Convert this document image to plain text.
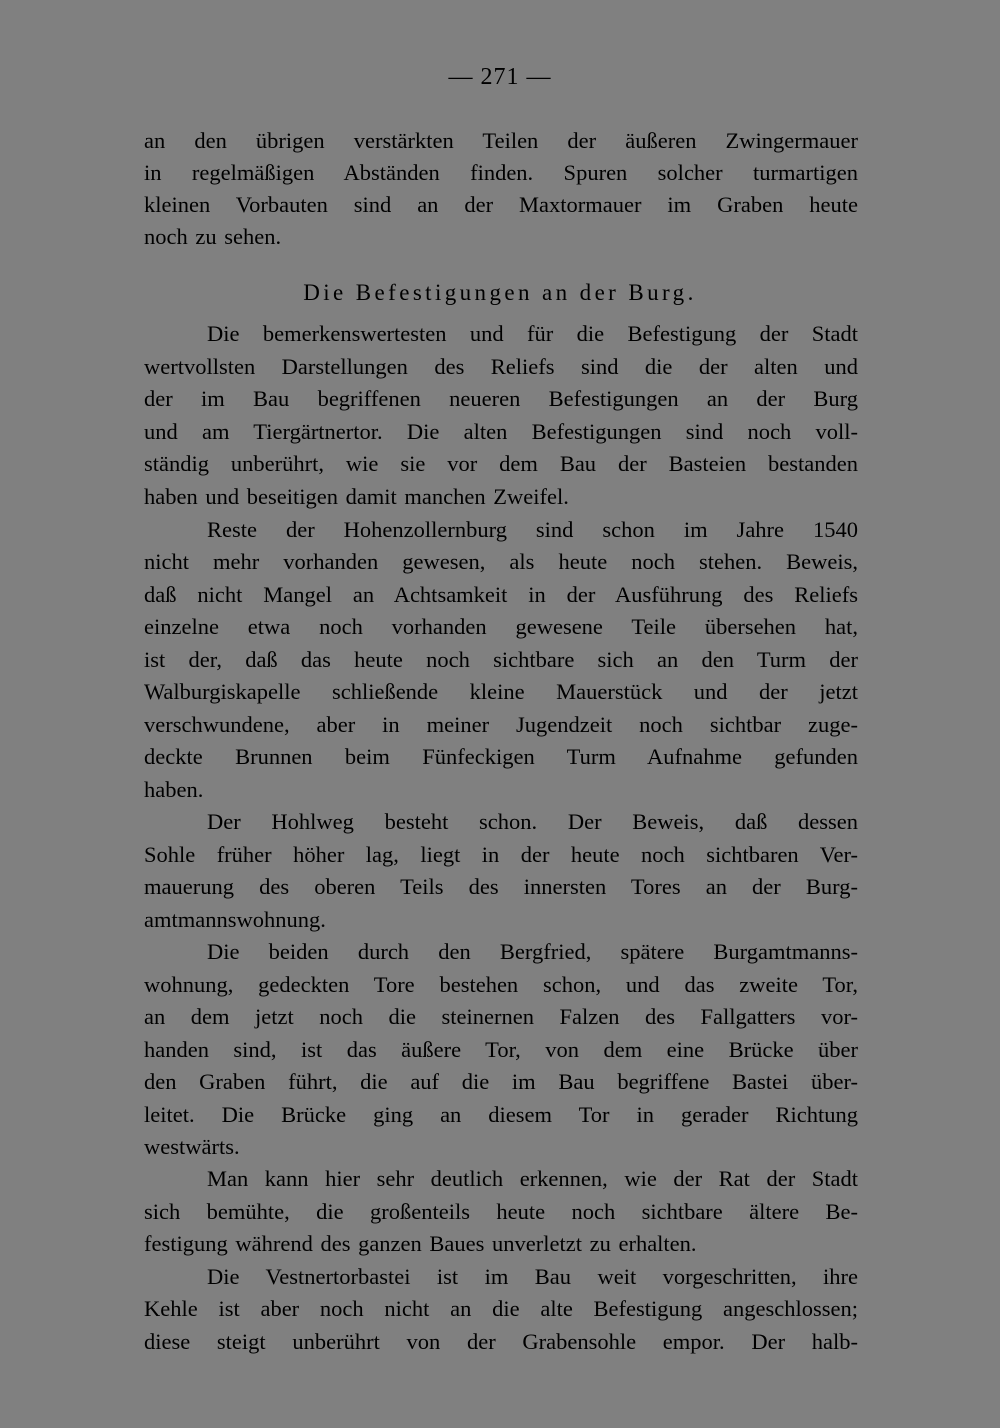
— 271 —
an den übrigen verstärkten Teilen der äußeren Zwingermauer
in regelmäßigen Abständen finden. Spuren solcher turmartigen
kleinen Vorbauten sind an der Maxtormauer im Graben heute
noch zu sehen.
Die Befestigungen an der Burg.
Die bemerkenswertesten und für die Befestigung der Stadt
wertvollsten Darstellungen des Reliefs sind die der alten und
der im Bau begriffenen neueren Befestigungen an der Burg
und am Tiergärtnertor. Die alten Befestigungen sind noch voll-
ständig unberührt, wie sie vor dem Bau der Basteien bestanden
haben und beseitigen damit manchen Zweifel.
Reste der Hohenzollernburg sind schon im Jahre 1540
nicht mehr vorhanden gewesen, als heute noch stehen. Beweis,
daß nicht Mangel an Achtsamkeit in der Ausführung des Reliefs
einzelne etwa noch vorhanden gewesene Teile übersehen hat,
ist der, daß das heute noch sichtbare sich an den Turm der
Walburgiskapelle schließende kleine Mauerstück und der jetzt
verschwundene, aber in meiner Jugendzeit noch sichtbar zuge-
deckte Brunnen beim Fünfeckigen Turm Aufnahme gefunden
haben.
Der Hohlweg besteht schon. Der Beweis, daß dessen
Sohle früher höher lag, liegt in der heute noch sichtbaren Ver-
mauerung des oberen Teils des innersten Tores an der Burg-
amtmannswohnung.
Die beiden durch den Bergfried, spätere Burgamtmanns-
wohnung, gedeckten Tore bestehen schon, und das zweite Tor,
an dem jetzt noch die steinernen Falzen des Fallgatters vor-
handen sind, ist das äußere Tor, von dem eine Brücke über
den Graben führt, die auf die im Bau begriffene Bastei über-
leitet. Die Brücke ging an diesem Tor in gerader Richtung
westwärts.
Man kann hier sehr deutlich erkennen, wie der Rat der Stadt
sich bemühte, die großenteils heute noch sichtbare ältere Be-
festigung während des ganzen Baues unverletzt zu erhalten.
Die Vestnertorbastei ist im Bau weit vorgeschritten, ihre
Kehle ist aber noch nicht an die alte Befestigung angeschlossen;
diese steigt unberührt von der Grabensohle empor. Der halb-
